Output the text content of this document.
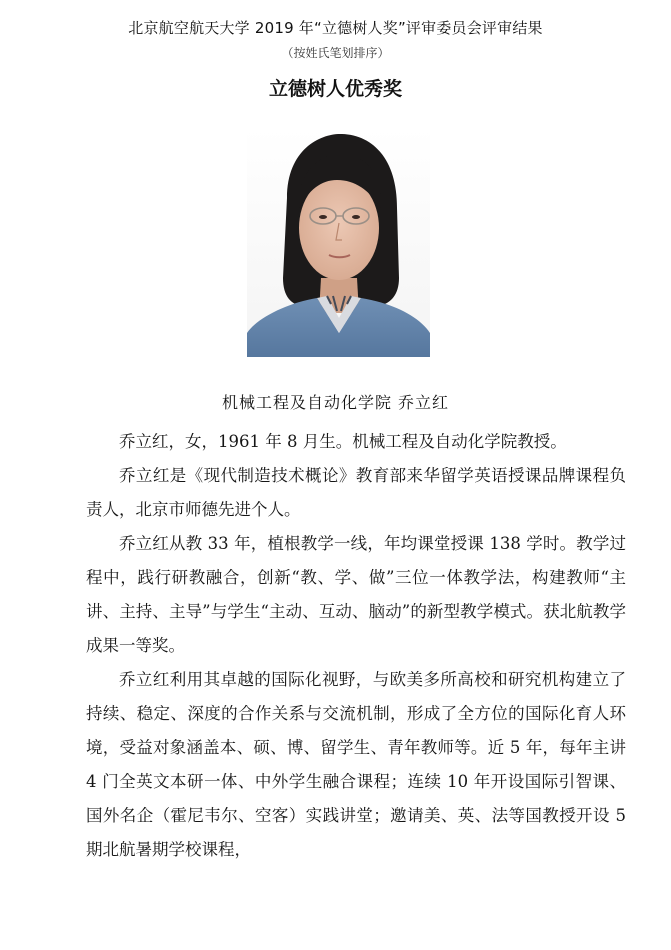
北京航空航天大学 2019 年“立德树人奖”评审委员会评审结果
（按姓氏笔划排序）
立德树人优秀奖
机械工程及自动化学院 乔立红

乔立红，女，1961 年 8 月生。机械工程及自动化学院教授。

乔立红是《现代制造技术概论》教育部来华留学英语授课品牌课程负责人，北京市师德先进个人。

乔立红从教 33 年，植根教学一线，年均课堂授课 138 学时。教学过程中，践行研教融合，创新“教、学、做”三位一体教学法，构建教师“主讲、主持、主导”与学生“主动、互动、脑动”的新型教学模式。获北航教学成果一等奖。

乔立红利用其卓越的国际化视野，与欧美多所高校和研究机构建立了持续、稳定、深度的合作关系与交流机制，形成了全方位的国际化育人环境，受益对象涵盖本、硕、博、留学生、青年教师等。近 5 年，每年主讲 4 门全英文本研一体、中外学生融合课程；连续 10 年开设国际引智课、国外名企（霍尼韦尔、空客）实践讲堂；邀请美、英、法等国教授开设 5 期北航暑期学校课程，
